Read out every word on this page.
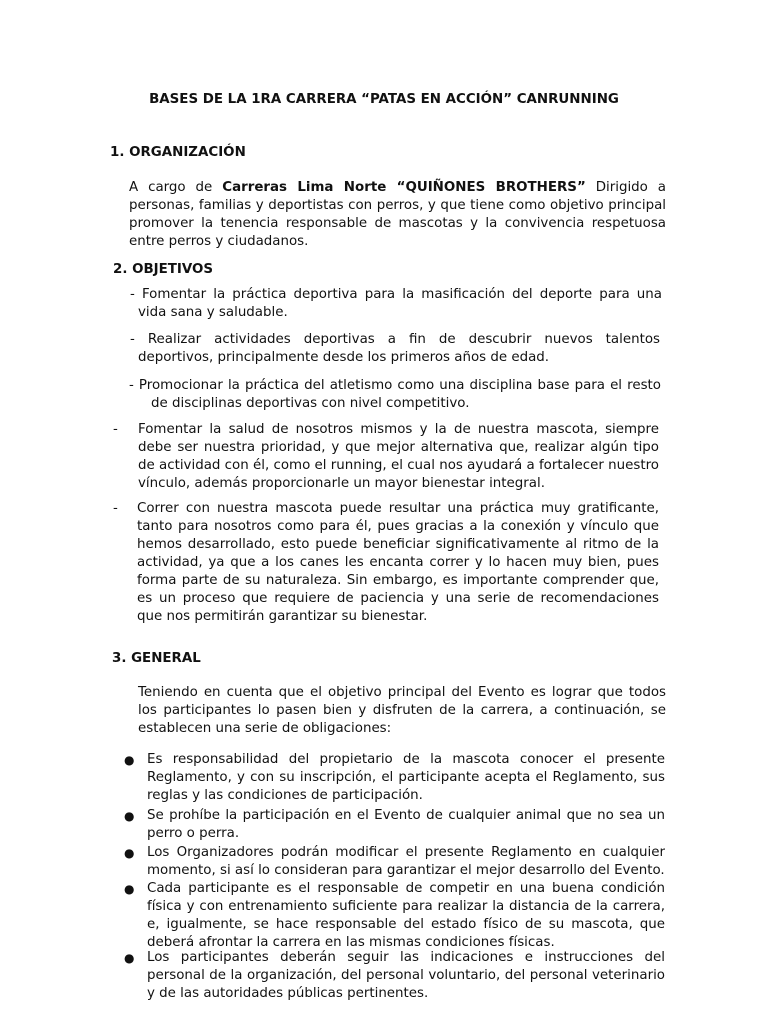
BASES DE LA 1RA CARRERA “PATAS EN ACCIÓN” CANRUNNING
1. ORGANIZACIÓN
A cargo de Carreras Lima Norte “QUIÑONES BROTHERS” Dirigido a personas, familias y deportistas con perros, y que tiene como objetivo principal promover la tenencia responsable de mascotas y la convivencia respetuosa entre perros y ciudadanos.
2. OBJETIVOS
- Fomentar la práctica deportiva para la masificación del deporte para una vida sana y saludable.
- Realizar actividades deportivas a fin de descubrir nuevos talentos deportivos, principalmente desde los primeros años de edad.
- Promocionar la práctica del atletismo como una disciplina base para el resto de disciplinas deportivas con nivel competitivo.
- Fomentar la salud de nosotros mismos y la de nuestra mascota, siempre debe ser nuestra prioridad, y que mejor alternativa que, realizar algún tipo de actividad con él, como el running, el cual nos ayudará a fortalecer nuestro vínculo, además proporcionarle un mayor bienestar integral.
- Correr con nuestra mascota puede resultar una práctica muy gratificante, tanto para nosotros como para él, pues gracias a la conexión y vínculo que hemos desarrollado, esto puede beneficiar significativamente al ritmo de la actividad, ya que a los canes les encanta correr y lo hacen muy bien, pues forma parte de su naturaleza. Sin embargo, es importante comprender que, es un proceso que requiere de paciencia y una serie de recomendaciones que nos permitirán garantizar su bienestar.
3. GENERAL
Teniendo en cuenta que el objetivo principal del Evento es lograr que todos los participantes lo pasen bien y disfruten de la carrera, a continuación, se establecen una serie de obligaciones:
● Es responsabilidad del propietario de la mascota conocer el presente Reglamento, y con su inscripción, el participante acepta el Reglamento, sus reglas y las condiciones de participación.
● Se prohíbe la participación en el Evento de cualquier animal que no sea un perro o perra.
● Los Organizadores podrán modificar el presente Reglamento en cualquier momento, si así lo consideran para garantizar el mejor desarrollo del Evento.
● Cada participante es el responsable de competir en una buena condición física y con entrenamiento suficiente para realizar la distancia de la carrera, e, igualmente, se hace responsable del estado físico de su mascota, que deberá afrontar la carrera en las mismas condiciones físicas.
● Los participantes deberán seguir las indicaciones e instrucciones del personal de la organización, del personal voluntario, del personal veterinario y de las autoridades públicas pertinentes.
